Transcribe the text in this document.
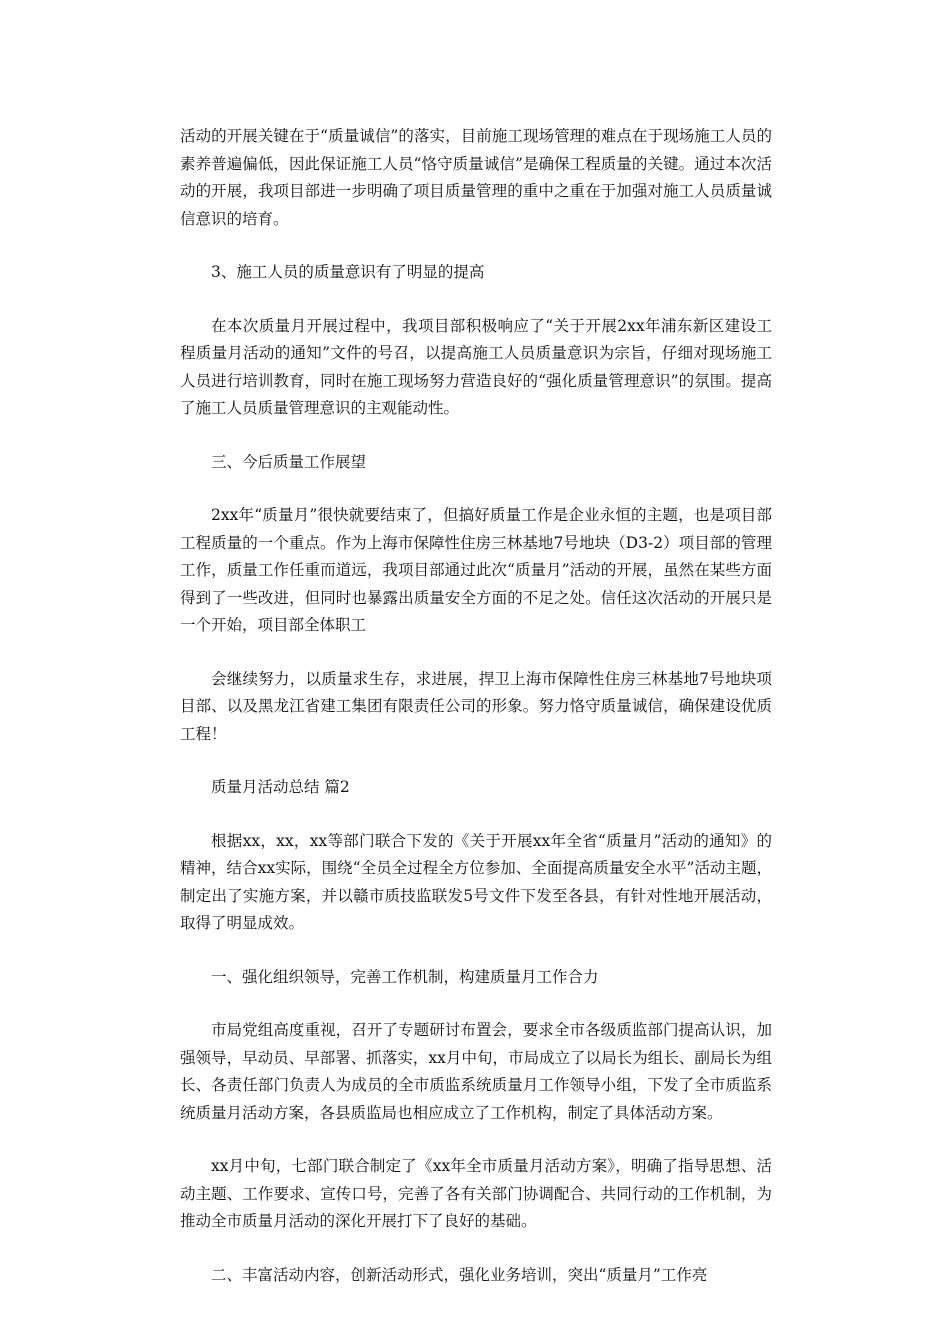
活动的开展关键在于“质量诚信”的落实，目前施工现场管理的难点在于现场施工人员的素养普遍偏低，因此保证施工人员“恪守质量诚信”是确保工程质量的关键。通过本次活动的开展，我项目部进一步明确了项目质量管理的重中之重在于加强对施工人员质量诚信意识的培育。

3、施工人员的质量意识有了明显的提高

在本次质量月开展过程中，我项目部积极响应了“关于开展2xx年浦东新区建设工程质量月活动的通知”文件的号召，以提高施工人员质量意识为宗旨，仔细对现场施工人员进行培训教育，同时在施工现场努力营造良好的“强化质量管理意识”的氛围。提高了施工人员质量管理意识的主观能动性。

三、今后质量工作展望

2xx年“质量月”很快就要结束了，但搞好质量工作是企业永恒的主题，也是项目部工程质量的一个重点。作为上海市保障性住房三林基地7号地块（D3-2）项目部的管理工作，质量工作任重而道远，我项目部通过此次“质量月”活动的开展，虽然在某些方面得到了一些改进，但同时也暴露出质量安全方面的不足之处。信任这次活动的开展只是一个开始，项目部全体职工

会继续努力，以质量求生存，求进展，捍卫上海市保障性住房三林基地7号地块项目部、以及黑龙江省建工集团有限责任公司的形象。努力恪守质量诚信，确保建设优质工程！

质量月活动总结 篇2

根据xx，xx，xx等部门联合下发的《关于开展xx年全省“质量月”活动的通知》的精神，结合xx实际，围绕“全员全过程全方位参加、全面提高质量安全水平”活动主题，制定出了实施方案，并以赣市质技监联发5号文件下发至各县，有针对性地开展活动，取得了明显成效。

一、强化组织领导，完善工作机制，构建质量月工作合力

市局党组高度重视，召开了专题研讨布置会，要求全市各级质监部门提高认识，加强领导，早动员、早部署、抓落实，xx月中旬，市局成立了以局长为组长、副局长为组长、各责任部门负责人为成员的全市质监系统质量月工作领导小组，下发了全市质监系统质量月活动方案，各县质监局也相应成立了工作机构，制定了具体活动方案。

xx月中旬，七部门联合制定了《xx年全市质量月活动方案》，明确了指导思想、活动主题、工作要求、宣传口号，完善了各有关部门协调配合、共同行动的工作机制，为推动全市质量月活动的深化开展打下了良好的基础。

二、丰富活动内容，创新活动形式，强化业务培训，突出“质量月”工作亮
